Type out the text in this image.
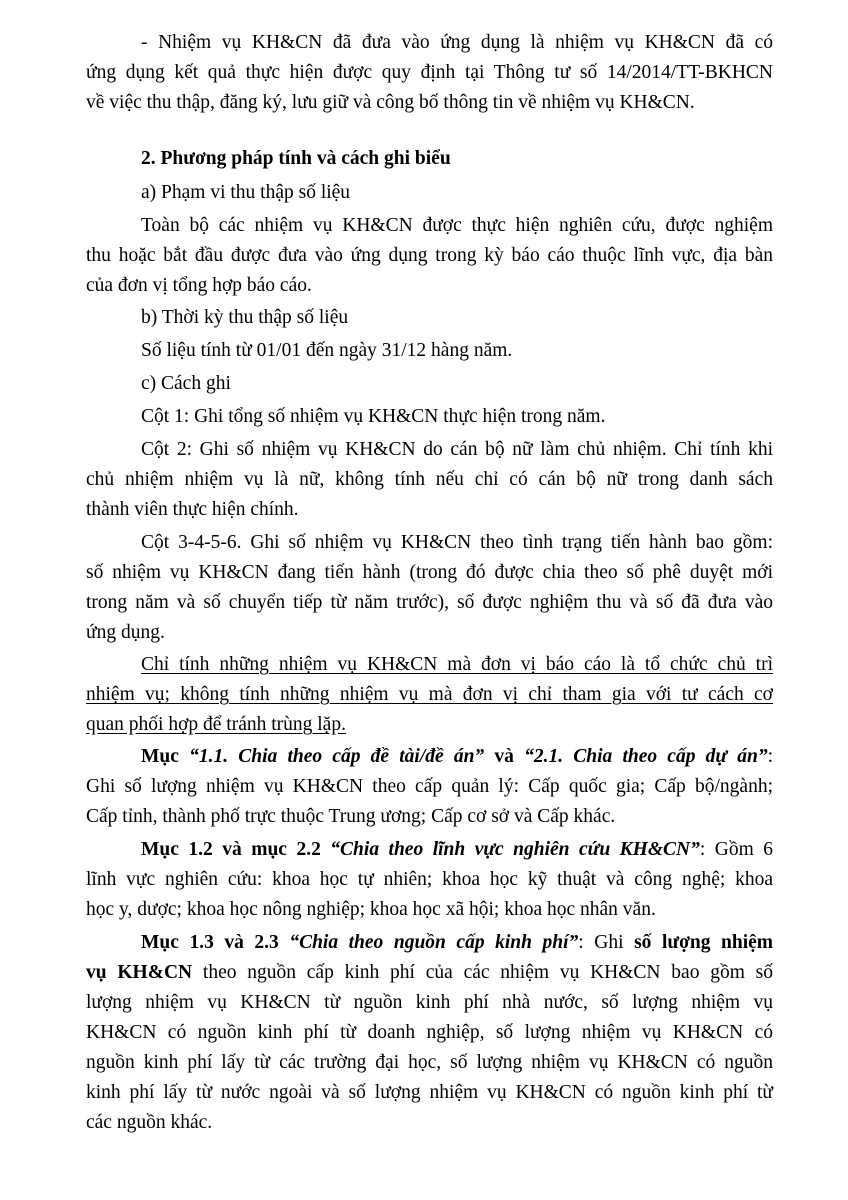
- Nhiệm vụ KH&CN đã đưa vào ứng dụng là nhiệm vụ KH&CN đã có
ứng dụng kết quả thực hiện được quy định tại Thông tư số 14/2014/TT-BKHCN
về việc thu thập, đăng ký, lưu giữ và công bố thông tin về nhiệm vụ KH&CN.
2. Phương pháp tính và cách ghi biểu
a) Phạm vi thu thập số liệu
Toàn bộ các nhiệm vụ KH&CN được thực hiện nghiên cứu, được nghiệm
thu hoặc bắt đầu được đưa vào ứng dụng trong kỳ báo cáo thuộc lĩnh vực, địa bàn
của đơn vị tổng hợp báo cáo.
b) Thời kỳ thu thập số liệu
Số liệu tính từ 01/01 đến ngày 31/12 hàng năm.
c) Cách ghi
Cột 1: Ghi tổng số nhiệm vụ KH&CN thực hiện trong năm.
Cột 2: Ghi số nhiệm vụ KH&CN do cán bộ nữ làm chủ nhiệm. Chỉ tính khi
chủ nhiệm nhiệm vụ là nữ, không tính nếu chỉ có cán bộ nữ trong danh sách
thành viên thực hiện chính.
Cột 3-4-5-6. Ghi số nhiệm vụ KH&CN theo tình trạng tiến hành bao gồm:
số nhiệm vụ KH&CN đang tiến hành (trong đó được chia theo số phê duyệt mới
trong năm và số chuyển tiếp từ năm trước), số được nghiệm thu và số đã đưa vào
ứng dụng.
Chỉ tính những nhiệm vụ KH&CN mà đơn vị báo cáo là tổ chức chủ trì
nhiệm vụ; không tính những nhiệm vụ mà đơn vị chỉ tham gia với tư cách cơ
quan phối hợp để tránh trùng lặp.
Mục “1.1. Chia theo cấp đề tài/đề án” và “2.1. Chia theo cấp dự án”:
Ghi số lượng nhiệm vụ KH&CN theo cấp quản lý: Cấp quốc gia; Cấp bộ/ngành;
Cấp tỉnh, thành phố trực thuộc Trung ương; Cấp cơ sở và Cấp khác.
Mục 1.2 và mục 2.2 “Chia theo lĩnh vực nghiên cứu KH&CN”: Gồm 6
lĩnh vực nghiên cứu: khoa học tự nhiên; khoa học kỹ thuật và công nghệ; khoa
học y, dược; khoa học nông nghiệp; khoa học xã hội; khoa học nhân văn.
Mục 1.3 và 2.3 “Chia theo nguồn cấp kinh phí”: Ghi số lượng nhiệm
vụ KH&CN theo nguồn cấp kinh phí của các nhiệm vụ KH&CN bao gồm số
lượng nhiệm vụ KH&CN từ nguồn kinh phí nhà nước, số lượng nhiệm vụ
KH&CN có nguồn kinh phí từ doanh nghiệp, số lượng nhiệm vụ KH&CN có
nguồn kinh phí lấy từ các trường đại học, số lượng nhiệm vụ KH&CN có nguồn
kinh phí lấy từ nước ngoài và số lượng nhiệm vụ KH&CN có nguồn kinh phí từ
các nguồn khác.
